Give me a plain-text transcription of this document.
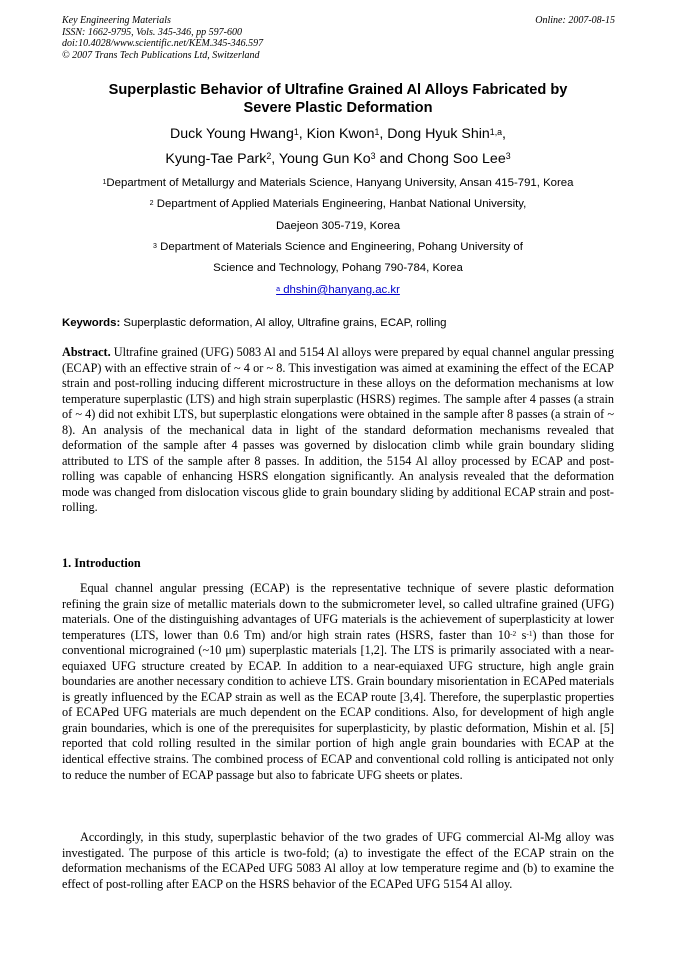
Key Engineering Materials
ISSN: 1662-9795, Vols. 345-346, pp 597-600
doi:10.4028/www.scientific.net/KEM.345-346.597
© 2007 Trans Tech Publications Ltd, Switzerland
Online: 2007-08-15
Superplastic Behavior of Ultrafine Grained Al Alloys Fabricated by
Severe Plastic Deformation
Duck Young Hwang$^1$, Kion Kwon$^1$, Dong Hyuk Shin$^{1,a}$,
Kyung-Tae Park$^2$, Young Gun Ko$^3$ and Chong Soo Lee$^3$
$^1$Department of Metallurgy and Materials Science, Hanyang University, Ansan 415-791, Korea
$^2$ Department of Applied Materials Engineering, Hanbat National University,
Daejeon 305-719, Korea
$^3$ Department of Materials Science and Engineering, Pohang University of
Science and Technology, Pohang 790-784, Korea
$^a$ dhshin@hanyang.ac.kr
Keywords: Superplastic deformation, Al alloy, Ultrafine grains, ECAP, rolling
Abstract. Ultrafine grained (UFG) 5083 Al and 5154 Al alloys were prepared by equal channel angular pressing (ECAP) with an effective strain of ~ 4 or ~ 8. This investigation was aimed at examining the effect of the ECAP strain and post-rolling inducing different microstructure in these alloys on the deformation mechanisms at low temperature superplastic (LTS) and high strain superplastic (HSRS) regimes. The sample after 4 passes (a strain of ~ 4) did not exhibit LTS, but superplastic elongations were obtained in the sample after 8 passes (a strain of ~ 8). An analysis of the mechanical data in light of the standard deformation mechanisms revealed that deformation of the sample after 4 passes was governed by dislocation climb while grain boundary sliding attributed to LTS of the sample after 8 passes. In addition, the 5154 Al alloy processed by ECAP and post-rolling was capable of enhancing HSRS elongation significantly. An analysis revealed that the deformation mode was changed from dislocation viscous glide to grain boundary sliding by additional ECAP strain and post-rolling.
1. Introduction
Equal channel angular pressing (ECAP) is the representative technique of severe plastic deformation refining the grain size of metallic materials down to the submicrometer level, so called ultrafine grained (UFG) materials. One of the distinguishing advantages of UFG materials is the achievement of superplasticity at lower temperatures (LTS, lower than 0.6 Tm) and/or high strain rates (HSRS, faster than $10^{-2}$ $s^{-1}$) than those for conventional micrograined (~10 μm) superplastic materials [1,2]. The LTS is primarily associated with a near-equiaxed UFG structure created by ECAP. In addition to a near-equiaxed UFG structure, high angle grain boundaries are another necessary condition to achieve LTS. Grain boundary misorientation in ECAPed materials is greatly influenced by the ECAP strain as well as the ECAP route [3,4]. Therefore, the superplastic properties of ECAPed UFG materials are much dependent on the ECAP conditions. Also, for development of high angle grain boundaries, which is one of the prerequisites for superplasticity, by plastic deformation, Mishin et al. [5] reported that cold rolling resulted in the similar portion of high angle grain boundaries with ECAP at the identical effective strains. The combined process of ECAP and conventional cold rolling is anticipated not only to reduce the number of ECAP passage but also to fabricate UFG sheets or plates.
Accordingly, in this study, superplastic behavior of the two grades of UFG commercial Al-Mg alloy was investigated. The purpose of this article is two-fold; (a) to investigate the effect of the ECAP strain on the deformation mechanisms of the ECAPed UFG 5083 Al alloy at low temperature regime and (b) to examine the effect of post-rolling after EACP on the HSRS behavior of the ECAPed UFG 5154 Al alloy.
